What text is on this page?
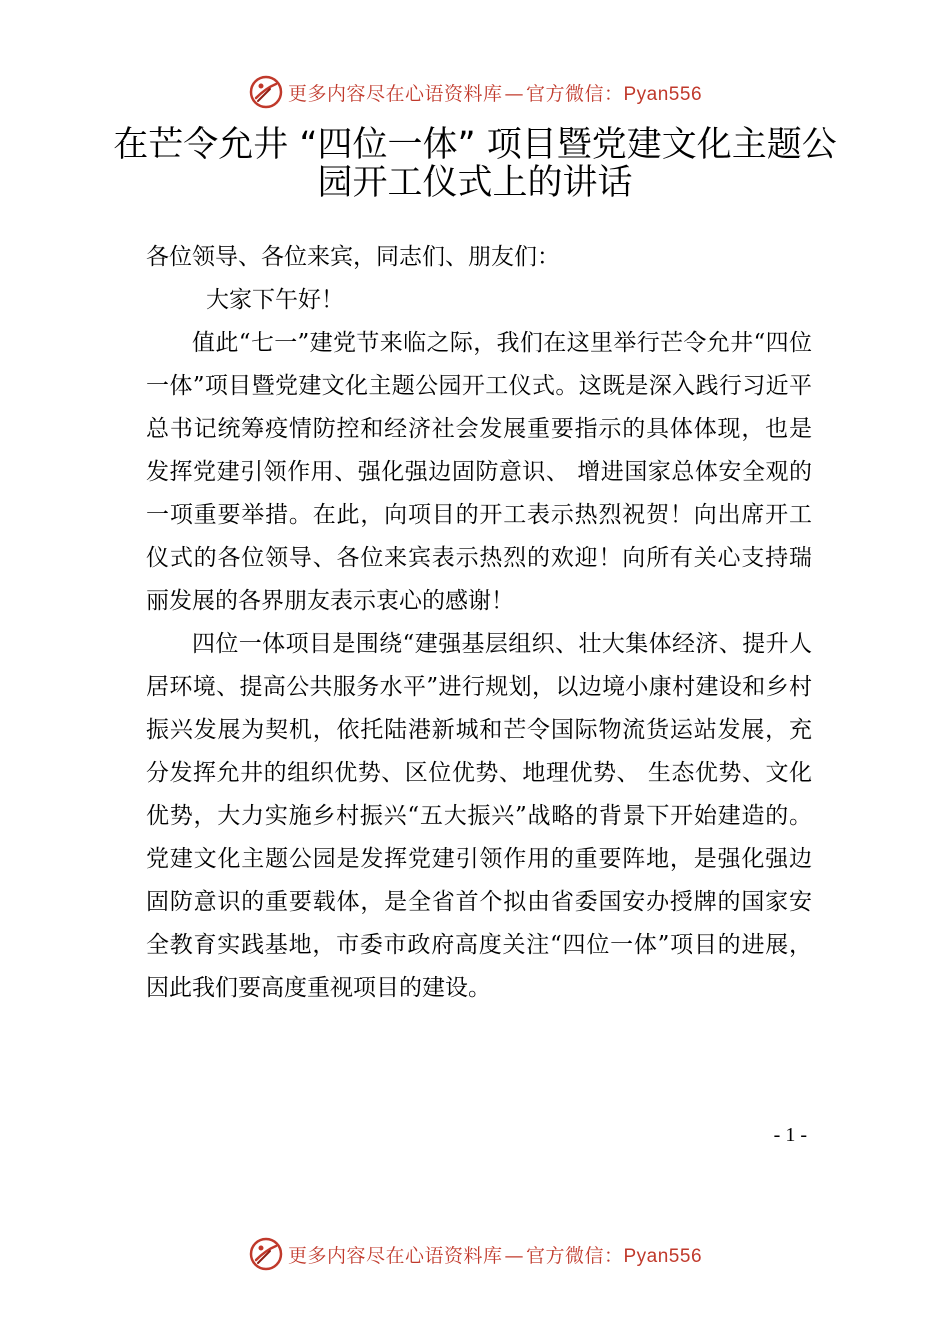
更多内容尽在心语资料库 — 官方微信：Pyan556
在芒令允井 “四位一体” 项目暨党建文化主题公园开工仪式上的讲话

各位领导、各位来宾，同志们、朋友们：

大家下午好！

值此“七一”建党节来临之际，我们在这里举行芒令允井“四位一体”项目暨党建文化主题公园开工仪式。这既是深入践行习近平总书记统筹疫情防控和经济社会发展重要指示的具体体现，也是发挥党建引领作用、强化强边固防意识、 增进国家总体安全观的一项重要举措。在此，向项目的开工表示热烈祝贺！向出席开工仪式的各位领导、各位来宾表示热烈的欢迎！向所有关心支持瑞丽发展的各界朋友表示衷心的感谢！

四位一体项目是围绕“建强基层组织、壮大集体经济、提升人居环境、提高公共服务水平”进行规划，以边境小康村建设和乡村振兴发展为契机，依托陆港新城和芒令国际物流货运站发展，充分发挥允井的组织优势、区位优势、地理优势、 生态优势、文化优势，大力实施乡村振兴“五大振兴”战略的背景下开始建造的。党建文化主题公园是发挥党建引领作用的重要阵地，是强化强边固防意识的重要载体，是全省首个拟由省委国安办授牌的国家安全教育实践基地，市委市政府高度关注“四位一体”项目的进展，因此我们要高度重视项目的建设。

- 1 -
更多内容尽在心语资料库 — 官方微信：Pyan556
